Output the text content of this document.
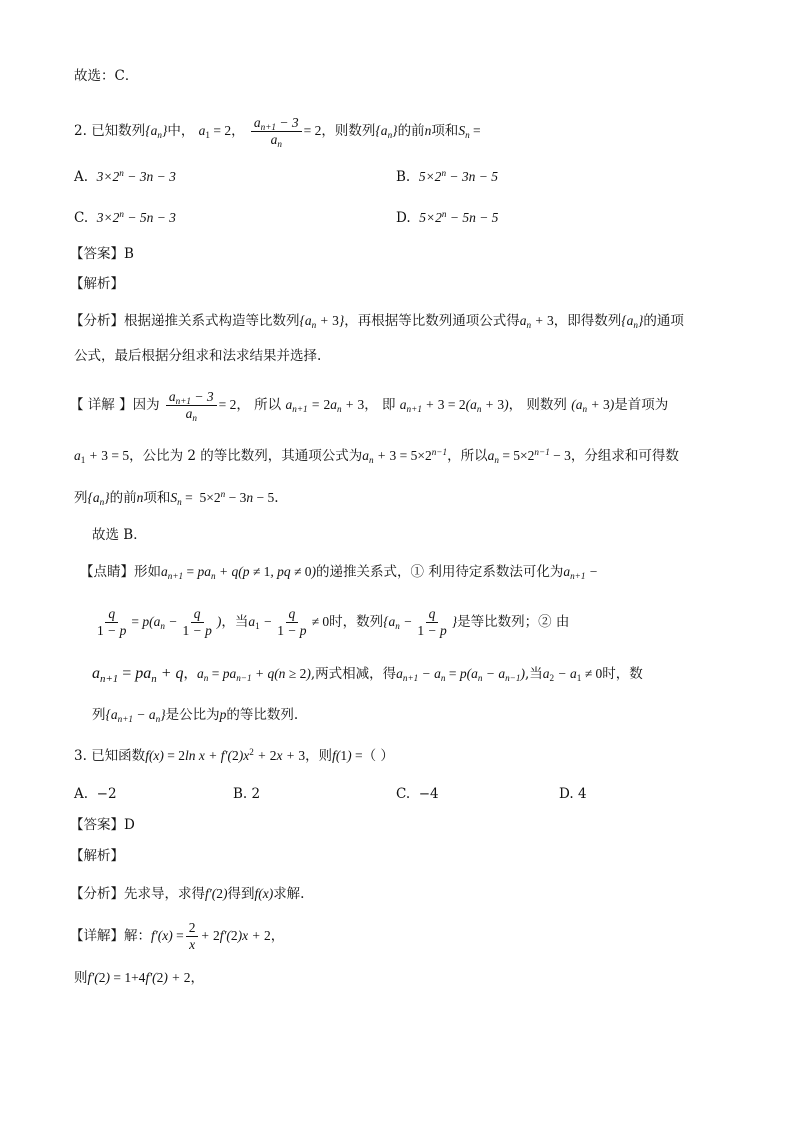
故选：C．
2. 已知数列$\{a_n\}$中， $a_1 = 2$， $\frac{a_{n+1} - 3}{a_n} = 2$，则数列$\{a_n\}$的前n项和$S_n$ =
A. $3\times 2^n - 3n - 3$	B. $5\times 2^n - 3n - 5$
C. $3\times 2^n - 5n - 3$	D. $5\times 2^n - 5n - 5$
【答案】B
【解析】
【分析】根据递推关系式构造等比数列$\{a_n + 3\}$，再根据等比数列通项公式得$a_n + 3$，即得数列$\{a_n\}$的通项
公式，最后根据分组求和法求结果并选择.
【 详解 】因为 $\frac{a_{n+1} - 3}{a_n} = 2$， 所以 $a_{n+1} = 2a_n + 3$， 即 $a_{n+1} + 3 = 2(a_n + 3)$， 则数列 $(a_n + 3)$是首项为
$a_1 + 3 = 5$，公比为 2 的等比数列，其通项公式为$a_n + 3 = 5\times 2^{n-1}$，所以$a_n = 5\times 2^{n-1} - 3$，分组求和可得数
列$\{a_n\}$的前n项和$S_n = 5\times 2^n - 3n - 5$.
故选 B．
【点睛】形如$a_{n+1} = pa_n + q(p \ne 1$, pq ≠ 0)的递推关系式，① 利用待定系数法可化为$a_{n+1}$ −
$\frac{q}{1 - p} = p(a_n - \frac{q}{1 - p}$ )，当$a_1 - \frac{q}{1 - p} \ne 0$时，数列{$a_n - \frac{q}{1 - p}$ }是等比数列；② 由
$a_{n+1} = pa_n + q$，$a_n = pa_{n-1} + q(n \ge 2)$,两式相减，得$a_{n+1} - a_n = p(a_n - a_{n-1})$,当$a_2 - a_1 \ne 0$时，数
列$\{a_{n+1} - a_n\}$是公比为p的等比数列.
3. 已知函数f(x) = 2ln $x + f'(2)x^2 + 2x + 3$，则f(1) =（ ）
A. −2	B. 2	C. −4	D. 4
【答案】D
【解析】
【分析】先求导，求得f′(2)得到f(x)求解.
【详解】解：$f'(x) = \frac{2}{x} + 2f'(2)x + 2$，
则f′(2) = 1+4f′(2) + 2，
